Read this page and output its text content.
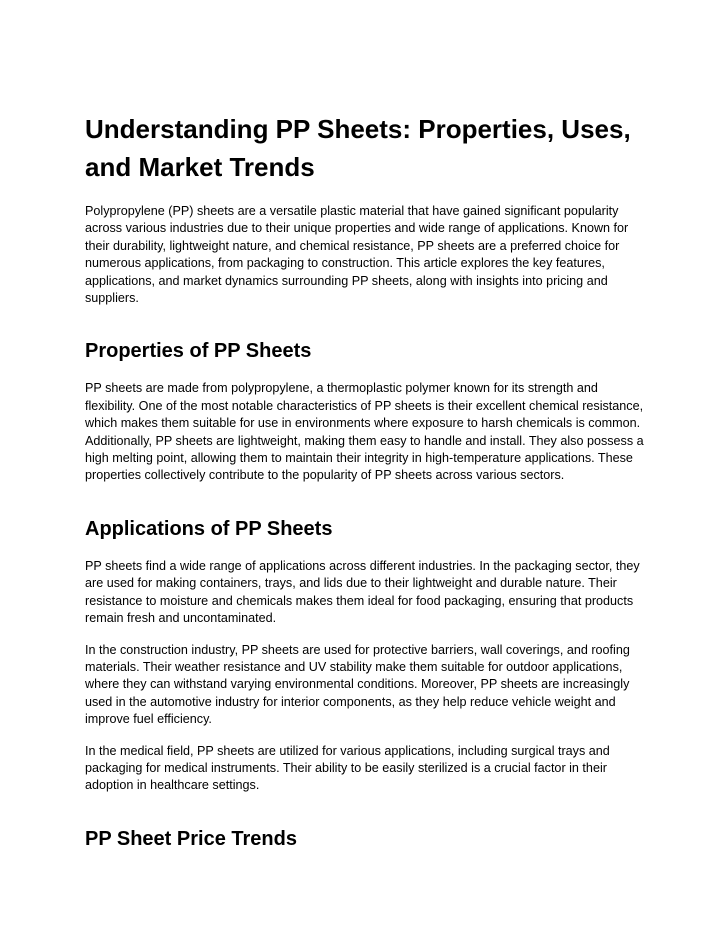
Understanding PP Sheets: Properties, Uses, and Market Trends

Polypropylene (PP) sheets are a versatile plastic material that have gained significant popularity across various industries due to their unique properties and wide range of applications. Known for their durability, lightweight nature, and chemical resistance, PP sheets are a preferred choice for numerous applications, from packaging to construction. This article explores the key features, applications, and market dynamics surrounding PP sheets, along with insights into pricing and suppliers.

Properties of PP Sheets

PP sheets are made from polypropylene, a thermoplastic polymer known for its strength and flexibility. One of the most notable characteristics of PP sheets is their excellent chemical resistance, which makes them suitable for use in environments where exposure to harsh chemicals is common. Additionally, PP sheets are lightweight, making them easy to handle and install. They also possess a high melting point, allowing them to maintain their integrity in high-temperature applications. These properties collectively contribute to the popularity of PP sheets across various sectors.

Applications of PP Sheets

PP sheets find a wide range of applications across different industries. In the packaging sector, they are used for making containers, trays, and lids due to their lightweight and durable nature. Their resistance to moisture and chemicals makes them ideal for food packaging, ensuring that products remain fresh and uncontaminated.

In the construction industry, PP sheets are used for protective barriers, wall coverings, and roofing materials. Their weather resistance and UV stability make them suitable for outdoor applications, where they can withstand varying environmental conditions. Moreover, PP sheets are increasingly used in the automotive industry for interior components, as they help reduce vehicle weight and improve fuel efficiency.

In the medical field, PP sheets are utilized for various applications, including surgical trays and packaging for medical instruments. Their ability to be easily sterilized is a crucial factor in their adoption in healthcare settings.

PP Sheet Price Trends
